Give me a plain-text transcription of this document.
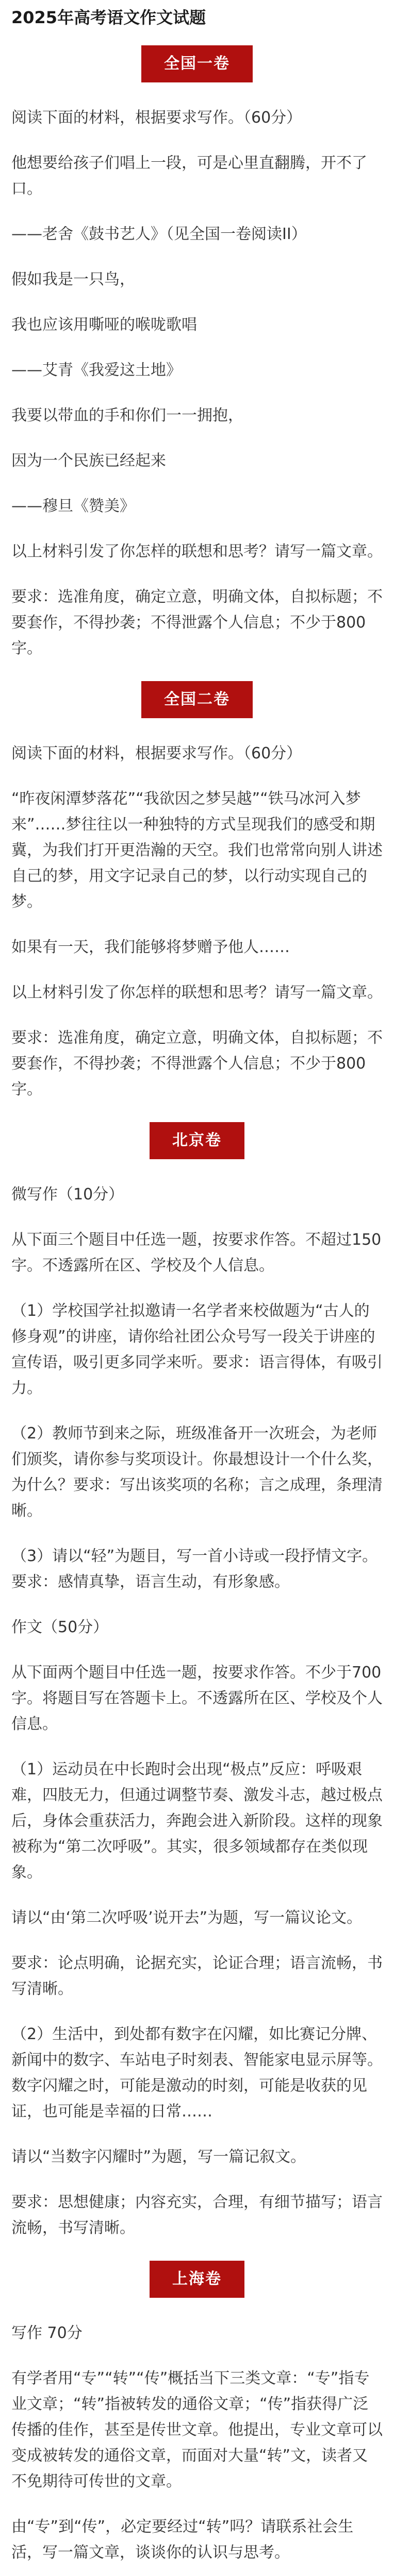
2025年高考语文作文试题
全国一卷
阅读下面的材料，根据要求写作。（60分）
他想要给孩子们唱上一段，可是心里直翻腾，开不了口。
——老舍《鼓书艺人》（见全国一卷阅读II）
假如我是一只鸟，
我也应该用嘶哑的喉咙歌唱
——艾青《我爱这土地》
我要以带血的手和你们一一拥抱，
因为一个民族已经起来
——穆旦《赞美》
以上材料引发了你怎样的联想和思考？请写一篇文章。
要求：选准角度，确定立意，明确文体，自拟标题；不要套作，不得抄袭；不得泄露个人信息；不少于800字。
全国二卷
阅读下面的材料，根据要求写作。（60分）
“昨夜闲潭梦落花”“我欲因之梦吴越”“铁马冰河入梦来”……梦往往以一种独特的方式呈现我们的感受和期冀，为我们打开更浩瀚的天空。我们也常常向别人讲述自己的梦，用文字记录自己的梦，以行动实现自己的梦。
如果有一天，我们能够将梦赠予他人……
以上材料引发了你怎样的联想和思考？请写一篇文章。
要求：选准角度，确定立意，明确文体，自拟标题；不要套作，不得抄袭；不得泄露个人信息；不少于800字。
北京卷
微写作（10分）
从下面三个题目中任选一题，按要求作答。不超过150字。不透露所在区、学校及个人信息。
（1）学校国学社拟邀请一名学者来校做题为“古人的修身观”的讲座，请你给社团公众号写一段关于讲座的宣传语，吸引更多同学来听。要求：语言得体，有吸引力。
（2）教师节到来之际，班级准备开一次班会，为老师们颁奖，请你参与奖项设计。你最想设计一个什么奖，为什么？要求：写出该奖项的名称；言之成理，条理清晰。
（3）请以“轻”为题目，写一首小诗或一段抒情文字。要求：感情真挚，语言生动，有形象感。
作文（50分）
从下面两个题目中任选一题，按要求作答。不少于700字。将题目写在答题卡上。不透露所在区、学校及个人信息。
（1）运动员在中长跑时会出现“极点”反应：呼吸艰难，四肢无力，但通过调整节奏、激发斗志，越过极点后，身体会重获活力，奔跑会进入新阶段。这样的现象被称为“第二次呼吸”。其实，很多领域都存在类似现象。
请以“由‘第二次呼吸’说开去”为题，写一篇议论文。
要求：论点明确，论据充实，论证合理；语言流畅，书写清晰。
（2）生活中，到处都有数字在闪耀，如比赛记分牌、新闻中的数字、车站电子时刻表、智能家电显示屏等。数字闪耀之时，可能是激动的时刻，可能是收获的见证，也可能是幸福的日常……
请以“当数字闪耀时”为题，写一篇记叙文。
要求：思想健康；内容充实，合理，有细节描写；语言流畅，书写清晰。
上海卷
写作 70分
有学者用“专”“转”“传”概括当下三类文章：“专”指专业文章；“转”指被转发的通俗文章；“传”指获得广泛传播的佳作，甚至是传世文章。他提出，专业文章可以变成被转发的通俗文章，而面对大量“转”文，读者又不免期待可传世的文章。
由“专”到“传”，必定要经过“转”吗？请联系社会生活，写一篇文章，谈谈你的认识与思考。
